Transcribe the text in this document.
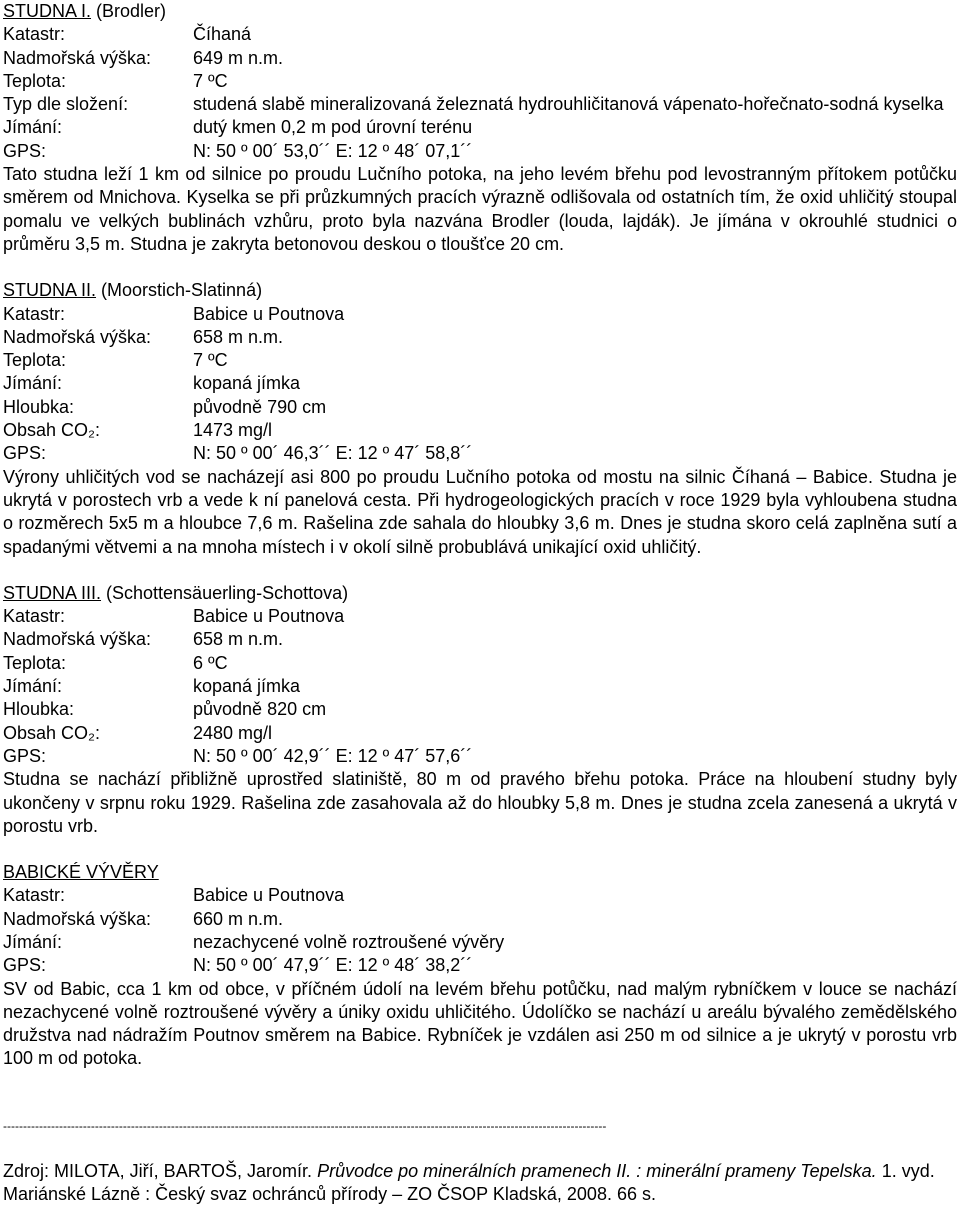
STUDNA I. (Brodler)
Katastr:	Číhaná
Nadmořská výška:	649 m n.m.
Teplota:	7 ºC
Typ dle složení:	studená slabě mineralizovaná železnatá hydrouhličitanová vápenato-hořečnato-sodná kyselka
Jímání:	dutý kmen 0,2 m pod úrovní terénu
GPS:	N: 50 º 00´ 53,0´´ E: 12 º 48´ 07,1´´

Tato studna leží 1 km od silnice po proudu Lučního potoka, na jeho levém břehu pod levostranným přítokem potůčku směrem od Mnichova. Kyselka se při průzkumných pracích výrazně odlišovala od ostatních tím, že oxid uhličitý stoupal pomalu ve velkých bublinách vzhůru, proto byla nazvána Brodler (louda, lajdák). Je jímána v okrouhlé studnici o průměru 3,5 m. Studna je zakryta betonovou deskou o tloušťce 20 cm.

STUDNA II. (Moorstich-Slatinná)
Katastr:	Babice u Poutnova
Nadmořská výška:	658 m n.m.
Teplota:	7 ºC
Jímání:	kopaná jímka
Hloubka:	původně 790 cm
Obsah CO₂:	1473 mg/l
GPS:	N: 50 º 00´ 46,3´´ E: 12 º 47´ 58,8´´

Výrony uhličitých vod se nacházejí asi 800 po proudu Lučního potoka od mostu na silnic Číhaná – Babice. Studna je ukrytá v porostech vrb a vede k ní panelová cesta. Při hydrogeologických pracích v roce 1929 byla vyhloubena studna o rozměrech 5x5 m a hloubce 7,6 m. Rašelina zde sahala do hloubky 3,6 m. Dnes je studna skoro celá zaplněna sutí a spadanými větvemi a na mnoha místech i v okolí silně probublává unikající oxid uhličitý.

STUDNA III. (Schottensäuerling-Schottova)
Katastr:	Babice u Poutnova
Nadmořská výška:	658 m n.m.
Teplota:	6 ºC
Jímání:	kopaná jímka
Hloubka:	původně 820 cm
Obsah CO₂:	2480 mg/l
GPS:	N: 50 º 00´ 42,9´´ E: 12 º 47´ 57,6´´

Studna se nachází přibližně uprostřed slatiniště, 80 m od pravého břehu potoka. Práce na hloubení studny byly ukončeny v srpnu roku 1929. Rašelina zde zasahovala až do hloubky 5,8 m. Dnes je studna zcela zanesená a ukrytá v porostu vrb.

BABICKÉ VÝVĚRY
Katastr:	Babice u Poutnova
Nadmořská výška:	660 m n.m.
Jímání:	nezachycené volně roztroušené vývěry
GPS:	N: 50 º 00´ 47,9´´ E: 12 º 48´ 38,2´´

SV od Babic, cca 1 km od obce, v příčném údolí na levém břehu potůčku, nad malým rybníčkem v louce se nachází nezachycené volně roztroušené vývěry a úniky oxidu uhličitého. Údolíčko se nachází u areálu bývalého zemědělského družstva nad nádražím Poutnov směrem na Babice. Rybníček je vzdálen asi 250 m od silnice a je ukrytý v porostu vrb 100 m od potoka.

-------------------------------------------------------------------------------------------------------------------------------------------------------
Zdroj: MILOTA, Jiří, BARTOŠ, Jaromír. Průvodce po minerálních pramenech II. : minerální prameny Tepelska. 1. vyd. Mariánské Lázně : Český svaz ochránců přírody – ZO ČSOP Kladská, 2008. 66 s.
